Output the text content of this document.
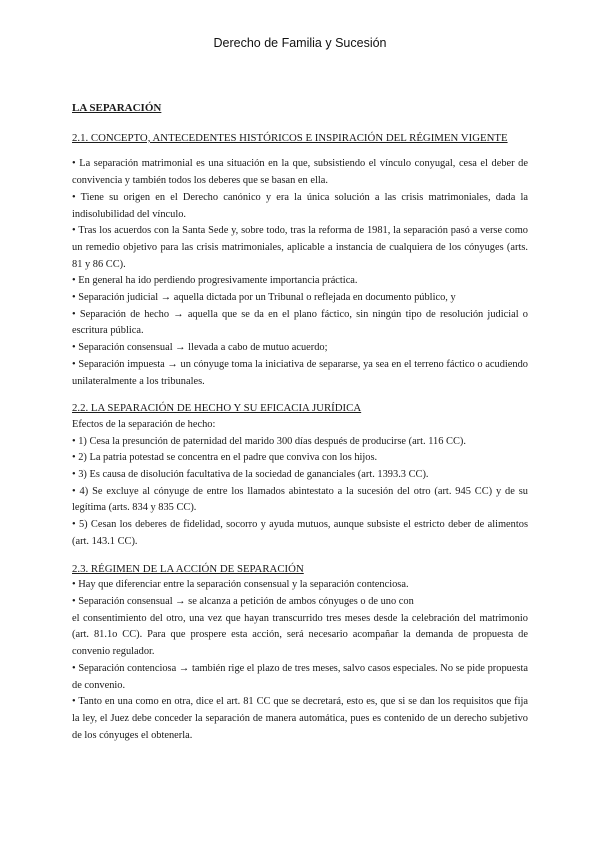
Derecho de Familia y Sucesión
LA SEPARACIÓN
2.1. CONCEPTO, ANTECEDENTES HISTÓRICOS E INSPIRACIÓN DEL RÉGIMEN VIGENTE

• La separación matrimonial es una situación en la que, subsistiendo el vínculo conyugal, cesa el deber de convivencia y también todos los deberes que se basan en ella.

• Tiene su origen en el Derecho canónico y era la única solución a las crisis matrimoniales, dada la indisolubilidad del vínculo.

• Tras los acuerdos con la Santa Sede y, sobre todo, tras la reforma de 1981, la separación pasó a verse como un remedio objetivo para las crisis matrimoniales, aplicable a instancia de cualquiera de los cónyuges (arts. 81 y 86 CC).

• En general ha ido perdiendo progresivamente importancia práctica.

• Separación judicial → aquella dictada por un Tribunal o reflejada en documento público, y

• Separación de hecho → aquella que se da en el plano fáctico, sin ningún tipo de resolución judicial o escritura pública.

• Separación consensual → llevada a cabo de mutuo acuerdo;

• Separación impuesta → un cónyuge toma la iniciativa de separarse, ya sea en el terreno fáctico o acudiendo unilateralmente a los tribunales.

2.2. LA SEPARACIÓN DE HECHO Y SU EFICACIA JURÍDICA

Efectos de la separación de hecho:

• 1) Cesa la presunción de paternidad del marido 300 días después de producirse (art. 116 CC).

• 2) La patria potestad se concentra en el padre que conviva con los hijos.

• 3) Es causa de disolución facultativa de la sociedad de gananciales (art. 1393.3 CC).

• 4) Se excluye al cónyuge de entre los llamados abintestato a la sucesión del otro (art. 945 CC) y de su legítima (arts. 834 y 835 CC).

• 5) Cesan los deberes de fidelidad, socorro y ayuda mutuos, aunque subsiste el estricto deber de alimentos (art. 143.1 CC).

2.3. RÉGIMEN DE LA ACCIÓN DE SEPARACIÓN

• Hay que diferenciar entre la separación consensual y la separación contenciosa.

• Separación consensual → se alcanza a petición de ambos cónyuges o de uno con

el consentimiento del otro, una vez que hayan transcurrido tres meses desde la celebración del matrimonio (art. 81.1o CC). Para que prospere esta acción, será necesario acompañar la demanda de propuesta de convenio regulador.

• Separación contenciosa → también rige el plazo de tres meses, salvo casos especiales. No se pide propuesta de convenio.

• Tanto en una como en otra, dice el art. 81 CC que se decretará, esto es, que si se dan los requisitos que fija la ley, el Juez debe conceder la separación de manera automática, pues es contenido de un derecho subjetivo de los cónyuges el obtenerla.
